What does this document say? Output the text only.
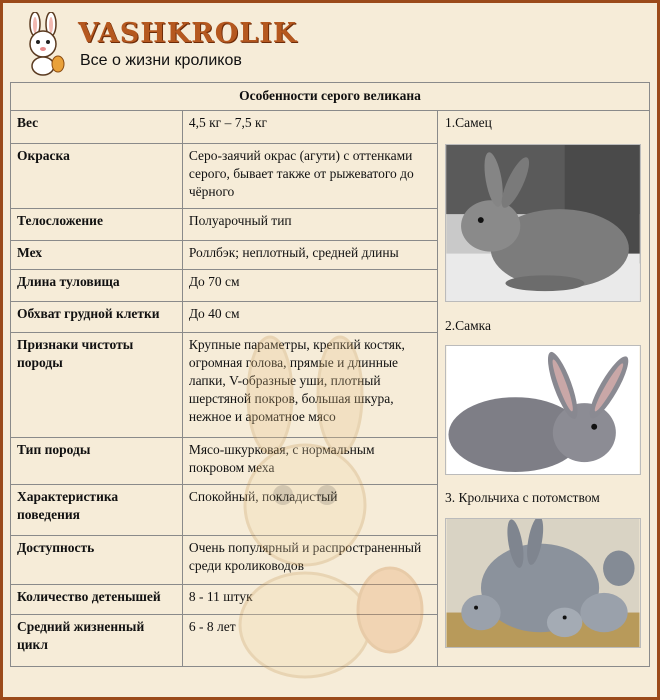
VASHKROLIK
Все о жизни кроликов
Особенности серого великана		
Вес	4,5 кг – 7,5 кг	
Окраска	Серо-заячий окрас (агути) с оттенками серого, бывает также от рыжеватого до чёрного	
Телосложение	Полуарочный тип	
Мех	Роллбэк; неплотный, средней длины	
Длина туловища	До 70 см	
Обхват грудной клетки	До 40 см	
Признаки чистоты породы	Крупные параметры, крепкий костяк, огромная голова, прямые и длинные лапки, V-образные уши, плотный шерстяной покров, большая шкура, нежное и ароматное мясо	
Тип породы	Мясо-шкурковая, с нормальным покровом меха	
Характеристика поведения	Спокойный, покладистый	
Доступность	Очень популярный и распространенный среди кролиководов	
Количество детенышей	8 - 11 штук	
Средний жизненный цикл	6 - 8 лет	
1.Самец
2.Самка
3. Крольчиха с потомством
